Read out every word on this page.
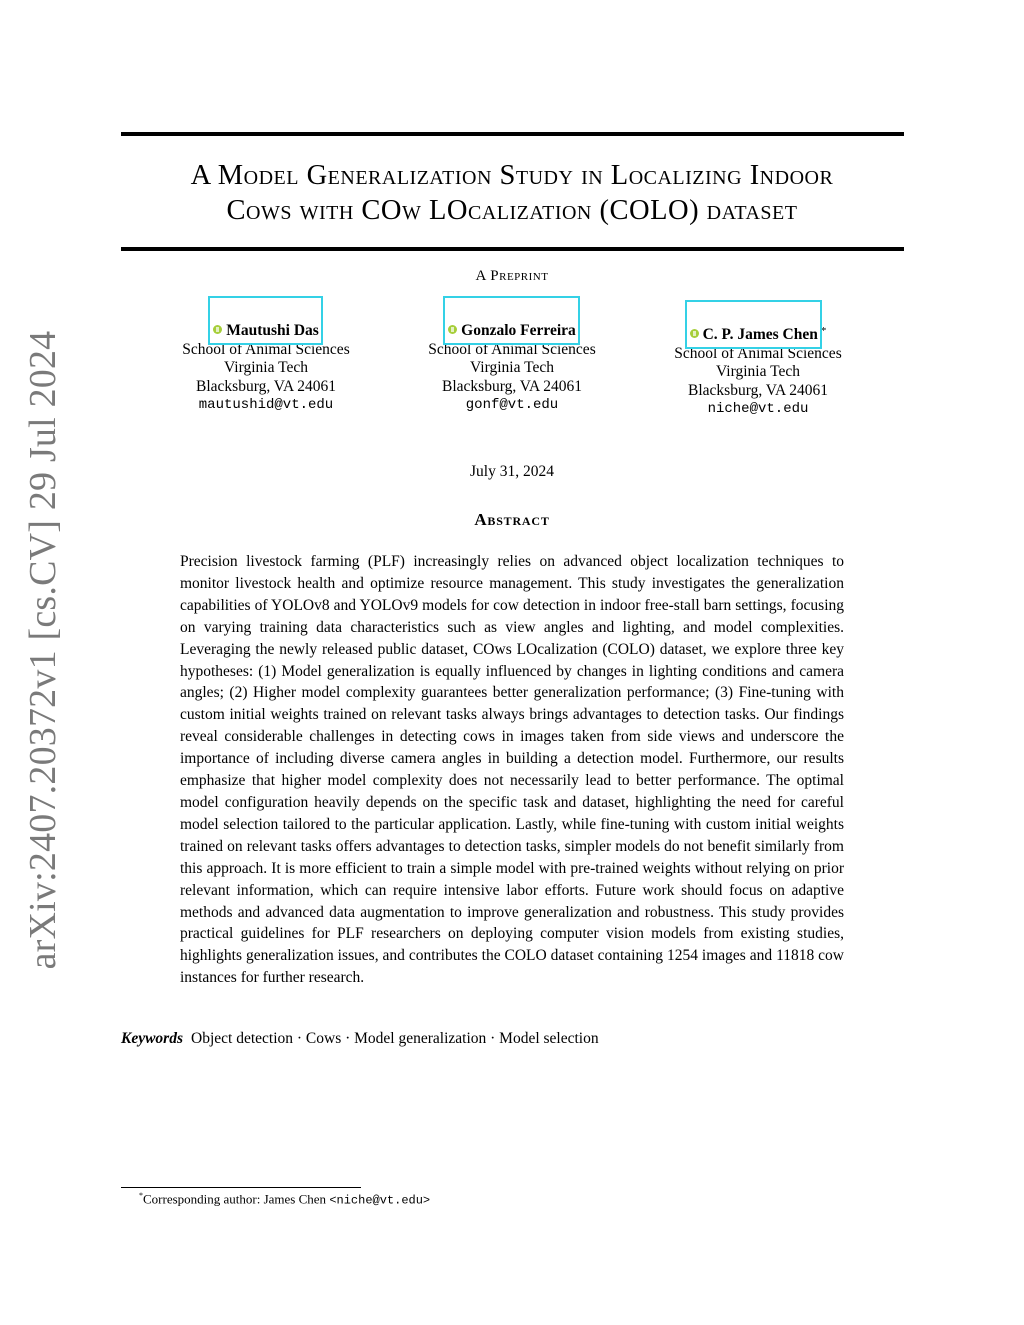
arXiv:2407.20372v1 [cs.CV] 29 Jul 2024
A Model Generalization Study in Localizing Indoor
Cows with COw LOcalization (COLO) dataset
A Preprint
Mautushi Das
School of Animal Sciences
Virginia Tech
Blacksburg, VA 24061
mautushid@vt.edu
Gonzalo Ferreira
School of Animal Sciences
Virginia Tech
Blacksburg, VA 24061
gonf@vt.edu
C. P. James Chen *
School of Animal Sciences
Virginia Tech
Blacksburg, VA 24061
niche@vt.edu
July 31, 2024
Abstract
Precision livestock farming (PLF) increasingly relies on advanced object localization techniques to monitor livestock health and optimize resource management. This study investigates the generalization capabilities of YOLOv8 and YOLOv9 models for cow detection in indoor free-stall barn settings, focusing on varying training data characteristics such as view angles and lighting, and model complexities. Leveraging the newly released public dataset, COws LOcalization (COLO) dataset, we explore three key hypotheses: (1) Model generalization is equally influenced by changes in lighting conditions and camera angles; (2) Higher model complexity guarantees better generalization performance; (3) Fine-tuning with custom initial weights trained on relevant tasks always brings advantages to detection tasks. Our findings reveal considerable challenges in detecting cows in images taken from side views and underscore the importance of including diverse camera angles in building a detection model. Furthermore, our results emphasize that higher model complexity does not necessarily lead to better performance. The optimal model configuration heavily depends on the specific task and dataset, highlighting the need for careful model selection tailored to the particular application. Lastly, while fine-tuning with custom initial weights trained on relevant tasks offers advantages to detection tasks, simpler models do not benefit similarly from this approach. It is more efficient to train a simple model with pre-trained weights without relying on prior relevant information, which can require intensive labor efforts. Future work should focus on adaptive methods and advanced data augmentation to improve generalization and robustness. This study provides practical guidelines for PLF researchers on deploying computer vision models from existing studies, highlights generalization issues, and contributes the COLO dataset containing 1254 images and 11818 cow instances for further research.
Keywords Object detection · Cows · Model generalization · Model selection
*Corresponding author: James Chen <niche@vt.edu>
